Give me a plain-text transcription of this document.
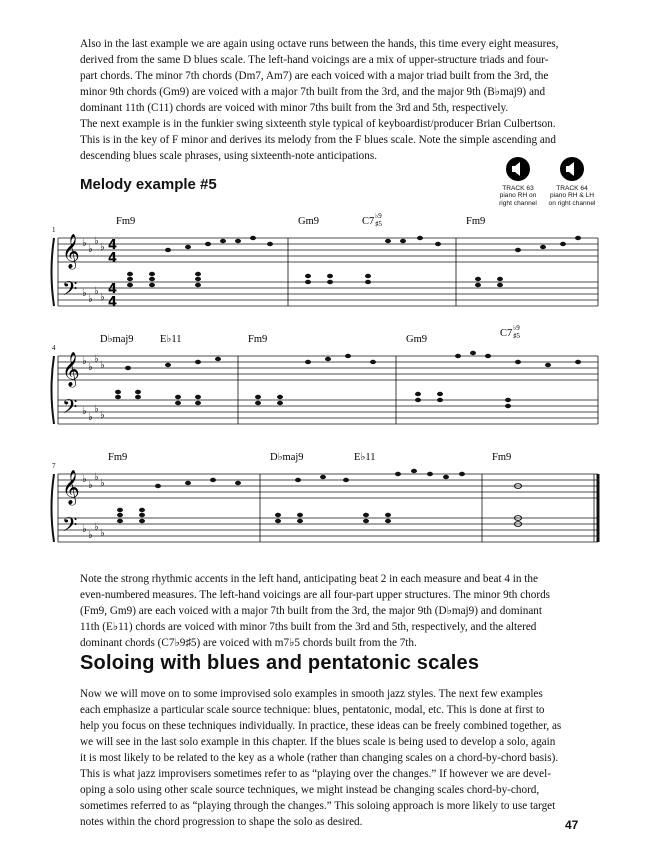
Also in the last example we are again using octave runs between the hands, this time every eight measures,
derived from the same D blues scale. The left-hand voicings are a mix of upper-structure triads and four-
part chords. The minor 7th chords (Dm7, Am7) are each voiced with a major triad built from the 3rd, the
minor 9th chords (Gm9) are voiced with a major 7th built from the 3rd, and the major 9th (B♭maj9) and
dominant 11th (C11) chords are voiced with minor 7ths built from the 3rd and 5th, respectively.

The next example is in the funkier swing sixteenth style typical of keyboardist/producer Brian Culbertson.
This is in the key of F minor and derives its melody from the F blues scale. Note the simple ascending and
descending blues scale phrases, using sixteenth-note anticipations.

Melody example #5	TRACK 63
piano RH on
right channel
TRACK 64
piano RH & LH
on right channel
Fm9	Gm9	C7 ♭9
♯5	Fm9
1
𝄞
𝄢
♭
♭
♭
♭
♭
♭
♭
♭
4
4
4
4
D♭maj9	E♭11	Fm9	Gm9
C7 ♭9
♯5
4
𝄞
𝄢
♭
♭
♭
♭
♭
♭
♭
♭
Fm9	D♭maj9	E♭11	Fm9
7
𝄞
𝄢
♭
♭
♭
♭
♭
♭
♭
♭

Note the strong rhythmic accents in the left hand, anticipating beat 2 in each measure and beat 4 in the
even-numbered measures. The left-hand voicings are all four-part upper structures. The minor 9th chords
(Fm9, Gm9) are each voiced with a major 7th built from the 3rd, the major 9th (D♭maj9) and dominant
11th (E♭11) chords are voiced with minor 7ths built from the 3rd and 5th, respectively, and the altered
dominant chords (C7♭9♯5) are voiced with m7♭5 chords built from the 7th.

Soloing with blues and pentatonic scales

Now we will move on to some improvised solo examples in smooth jazz styles. The next few examples
each emphasize a particular scale source technique: blues, pentatonic, modal, etc. This is done at first to
help you focus on these techniques individually. In practice, these ideas can be freely combined together, as
we will see in the last solo example in this chapter. If the blues scale is being used to develop a solo, again
it is most likely to be related to the key as a whole (rather than changing scales on a chord-by-chord basis).
This is what jazz improvisers sometimes refer to as “playing over the changes.” If however we are devel-
oping a solo using other scale source techniques, we might instead be changing scales chord-by-chord,
sometimes referred to as “playing through the changes.” This soloing approach is more likely to use target
notes within the chord progression to shape the solo as desired.	47
